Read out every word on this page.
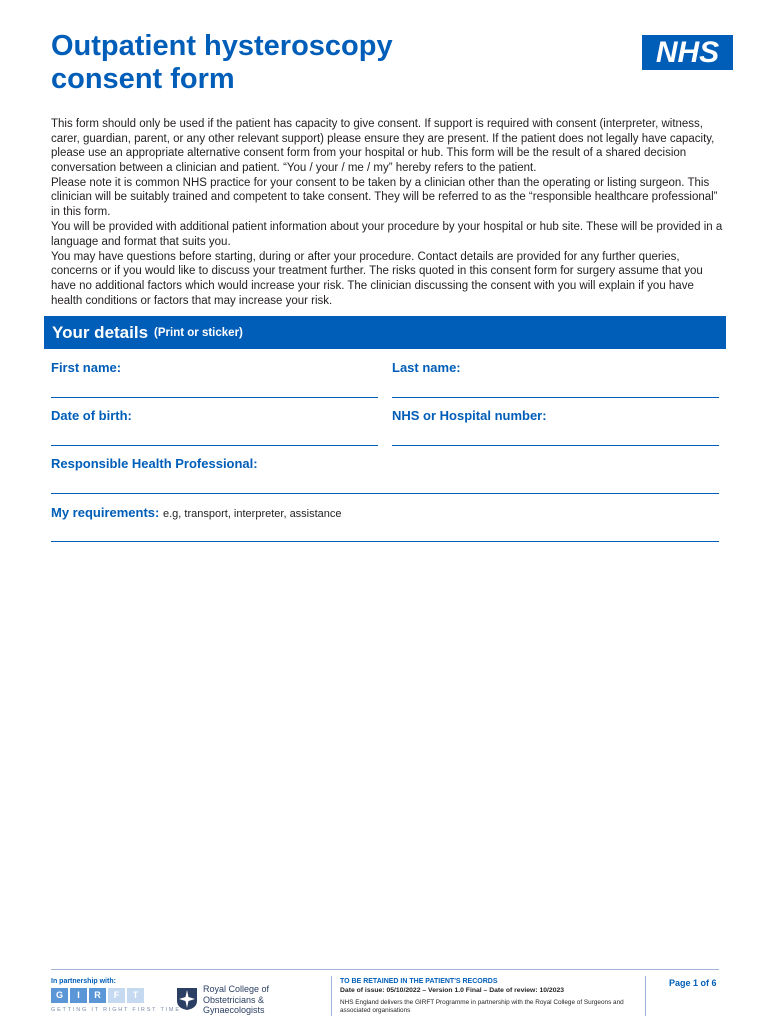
Outpatient hysteroscopy
consent form
NHS

This form should only be used if the patient has capacity to give consent. If support is required with consent (interpreter, witness, carer, guardian, parent, or any other relevant support) please ensure they are present. If the patient does not legally have capacity, please use an appropriate alternative consent form from your hospital or hub. This form will be the result of a shared decision conversation between a clinician and patient. “You / your / me / my” hereby refers to the patient.

Please note it is common NHS practice for your consent to be taken by a clinician other than the operating or listing surgeon. This clinician will be suitably trained and competent to take consent. They will be referred to as the “responsible healthcare professional” in this form.

You will be provided with additional patient information about your procedure by your hospital or hub site. These will be provided in a language and format that suits you.

You may have questions before starting, during or after your procedure. Contact details are provided for any further queries, concerns or if you would like to discuss your treatment further. The risks quoted in this consent form for surgery assume that you have no additional factors which would increase your risk. The clinician discussing the consent with you will explain if you have health conditions or factors that may increase your risk.

Your details (Print or sticker)
First name:	Last name:
Date of birth:	NHS or Hospital number:
Responsible Health Professional:
My requirements: e.g, transport, interpreter, assistance
In partnership with:
G	I	R	F	T
GETTING IT RIGHT FIRST TIME
Royal College of
Obstetricians &
Gynaecologists
TO BE RETAINED IN THE PATIENT'S RECORDS
Date of issue: 05/10/2022 – Version 1.0 Final – Date of review: 10/2023
NHS England delivers the GIRFT Programme in partnership with the Royal College of Surgeons and associated organisations
Page 1 of 6
